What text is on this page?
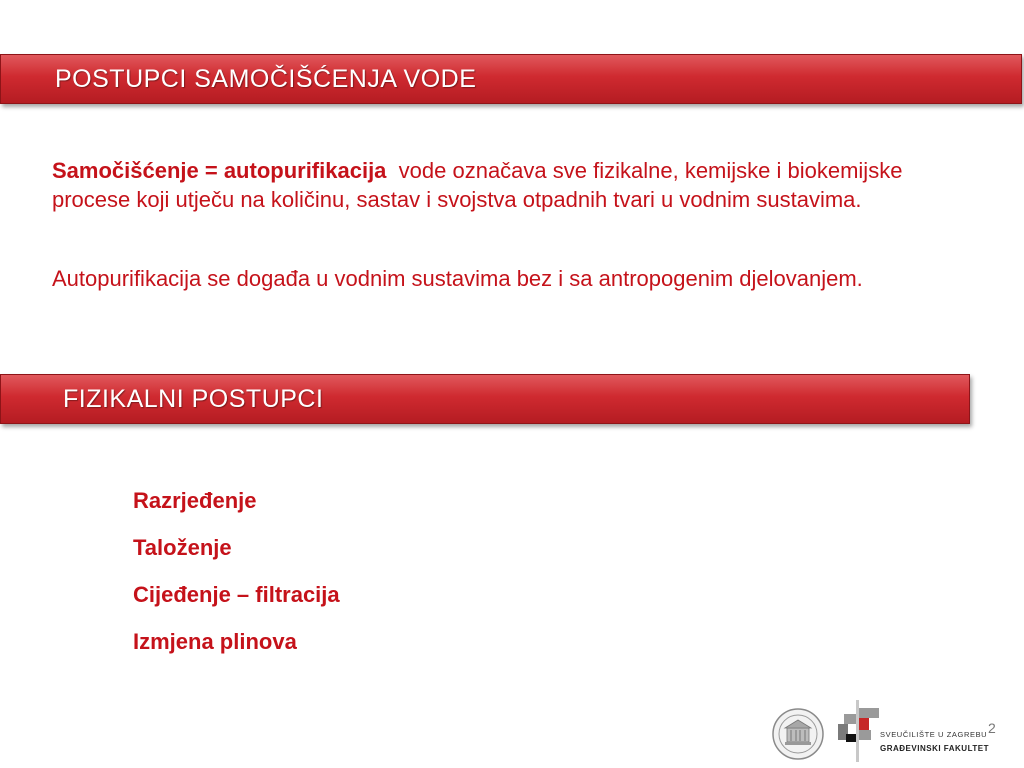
POSTUPCI SAMOČIŠĆENJA VODE

Samočišćenje = autopurifikacija vode označava sve fizikalne, kemijske i biokemijske procese koji utječu na količinu, sastav i svojstva otpadnih tvari u vodnim sustavima.

Autopurifikacija se događa u vodnim sustavima bez i sa antropogenim djelovanjem.

FIZIKALNI POSTUPCI
Razrjeđenje
Taloženje
Cijeđenje – filtracija
Izmjena plinova
SVEUČILIŠTE U ZAGREBU
GRAĐEVINSKI FAKULTET
2
